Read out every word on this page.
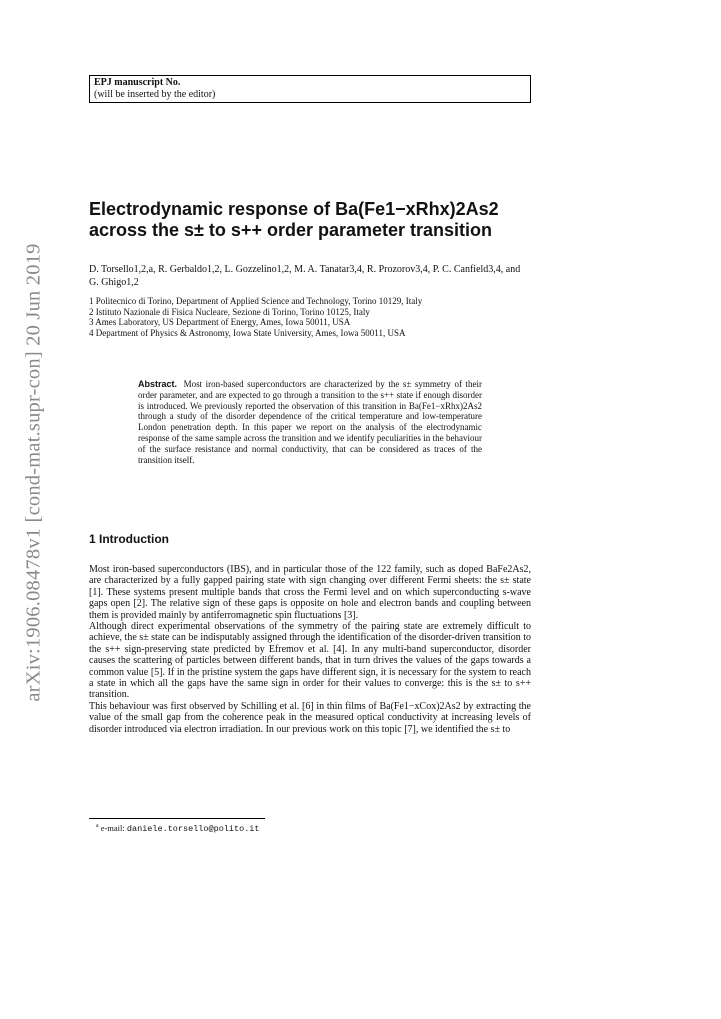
arXiv:1906.08478v1 [cond-mat.supr-con] 20 Jun 2019
EPJ manuscript No.
(will be inserted by the editor)
Electrodynamic response of Ba(Fe1−xRhx)2As2
across the s± to s++ order parameter transition

D. Torsello1,2,a, R. Gerbaldo1,2, L. Gozzelino1,2, M. A. Tanatar3,4, R. Prozorov3,4, P. C. Canfield3,4, and G. Ghigo1,2

1 Politecnico di Torino, Department of Applied Science and Technology, Torino 10129, Italy
2 Istituto Nazionale di Fisica Nucleare, Sezione di Torino, Torino 10125, Italy
3 Ames Laboratory, US Department of Energy, Ames, Iowa 50011, USA
4 Department of Physics & Astronomy, Iowa State University, Ames, Iowa 50011, USA
Abstract. Most iron-based superconductors are characterized by the s± symmetry of their order parameter, and are expected to go through a transition to the s++ state if enough disorder is introduced. We previously reported the observation of this transition in Ba(Fe1−xRhx)2As2 through a study of the disorder dependence of the critical temperature and low-temperature London penetration depth. In this paper we report on the analysis of the electrodynamic response of the same sample across the transition and we identify peculiarities in the behaviour of the surface resistance and normal conductivity, that can be considered as traces of the transition itself.
1 Introduction

Most iron-based superconductors (IBS), and in particular those of the 122 family, such as doped BaFe2As2, are characterized by a fully gapped pairing state with sign changing over different Fermi sheets: the s± state [1]. These systems present multiple bands that cross the Fermi level and on which superconducting s-wave gaps open [2]. The relative sign of these gaps is opposite on hole and electron bands and coupling between them is provided mainly by antiferromagnetic spin fluctuations [3].

Although direct experimental observations of the symmetry of the pairing state are extremely difficult to achieve, the s± state can be indisputably assigned through the identification of the disorder-driven transition to the s++ sign-preserving state predicted by Efremov et al. [4]. In any multi-band superconductor, disorder causes the scattering of particles between different bands, that in turn drives the values of the gaps towards a common value [5]. If in the pristine system the gaps have different sign, it is necessary for the system to reach a state in which all the gaps have the same sign in order for their values to converge: this is the s± to s++ transition.

This behaviour was first observed by Schilling et al. [6] in thin films of Ba(Fe1−xCox)2As2 by extracting the value of the small gap from the coherence peak in the measured optical conductivity at increasing levels of disorder introduced via electron irradiation. In our previous work on this topic [7], we identified the s± to

$^a$ e-mail: daniele.torsello@polito.it
